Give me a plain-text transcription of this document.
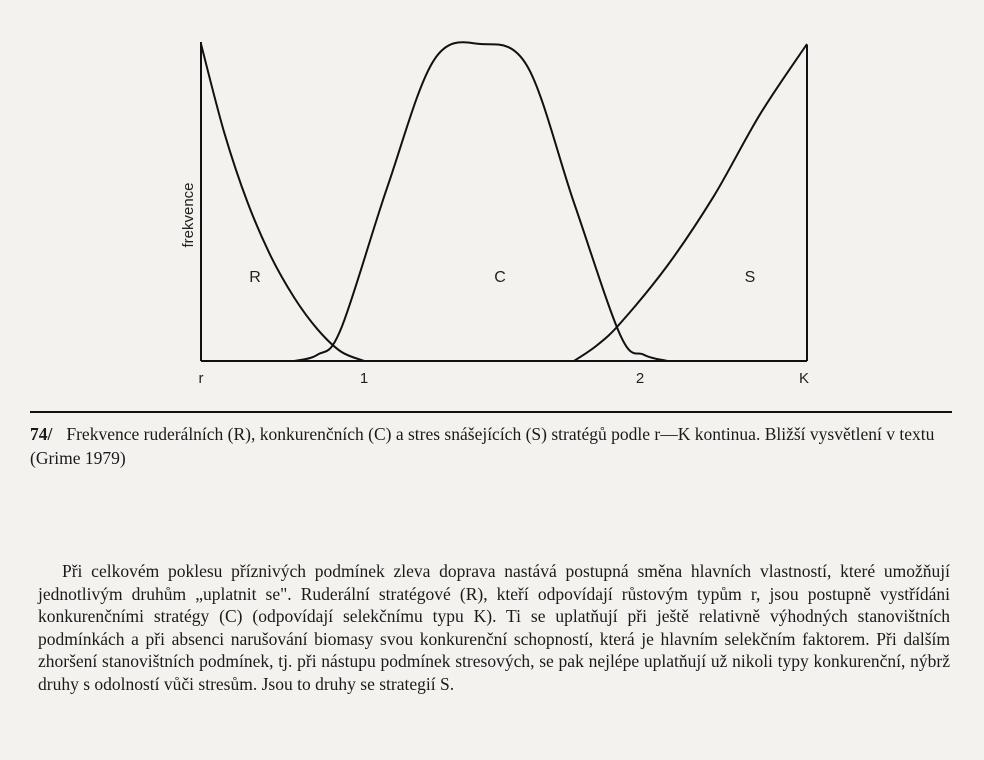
frekvence
r	1	2	K
R	C	S
74/ Frekvence ruderálních (R), konkurenčních (C) a stres snášejících (S) stratégů podle r—K kontinua. Bližší vysvětlení v textu (Grime 1979)

Při celkovém poklesu příznivých podmínek zleva doprava nastává postupná směna hlavních vlastností, které umožňují jednotlivým druhům „uplatnit se". Ruderální stratégové (R), kteří odpovídají růstovým typům r, jsou postupně vystřídáni konkurenčními stratégy (C) (odpovídají selekčnímu typu K). Ti se uplatňují při ještě relativně výhodných stanovištních podmínkách a při absenci narušování biomasy svou konkurenční schopností, která je hlavním selekčním faktorem. Při dalším zhoršení stanovištních podmínek, tj. při nástupu podmínek stresových, se pak nejlépe uplatňují už nikoli typy konkurenční, nýbrž druhy s odolností vůči stresům. Jsou to druhy se strategií S.
